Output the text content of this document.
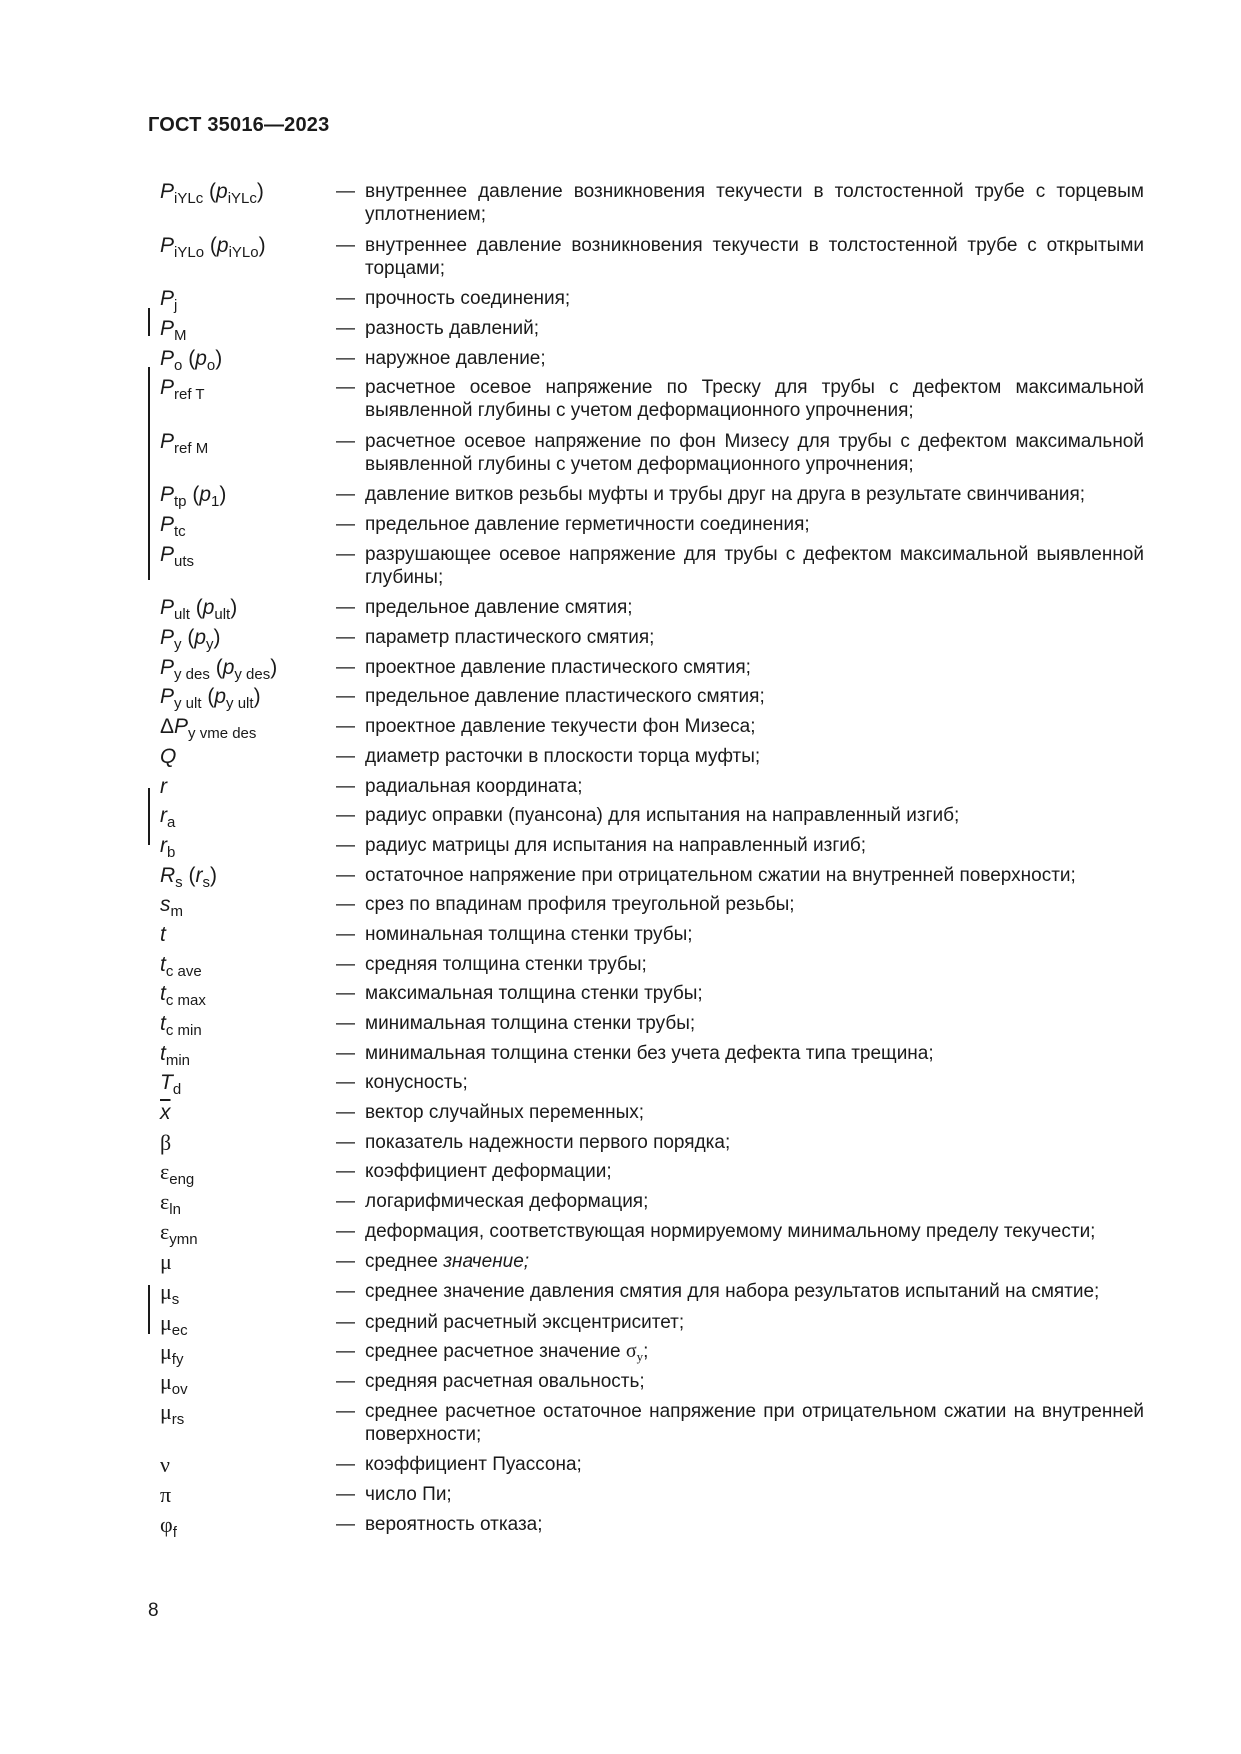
ГОСТ 35016—2023
$P_{iYLc}$ $(p_{iYLc})$	— внутреннее давление возникновения текучести в толстостенной трубе с торцевым уплотнением;
$P_{iYLo}$ $(p_{iYLo})$	— внутреннее давление возникновения текучести в толстостенной трубе с открытыми торцами;
$P_j$	— прочность соединения;
$P_M$	— разность давлений;
$P_o$ $(p_o)$	— наружное давление;
$P_{ref T}$	— расчетное осевое напряжение по Треску для трубы с дефектом максимальной выявленной глубины с учетом деформационного упрочнения;
$P_{ref M}$	— расчетное осевое напряжение по фон Мизесу для трубы с дефектом максимальной выявленной глубины с учетом деформационного упрочнения;
$P_{tp}$ $(p_1)$	— давление витков резьбы муфты и трубы друг на друга в результате свинчивания;
$P_{tc}$	— предельное давление герметичности соединения;
$P_{uts}$	— разрушающее осевое напряжение для трубы с дефектом максимальной выявленной глубины;
$P_{ult}$ $(p_{ult})$	— предельное давление смятия;
$P_y$ $(p_y)$	— параметр пластического смятия;
$P_{y des}$ $(p_{y des})$	— проектное давление пластического смятия;
$P_{y ult}$ $(p_{y ult})$	— предельное давление пластического смятия;
$\Delta P_{y vme des}$	— проектное давление текучести фон Мизеса;
Q	— диаметр расточки в плоскости торца муфты;
r	— радиальная координата;
$r_a$	— радиус оправки (пуансона) для испытания на направленный изгиб;
$r_b$	— радиус матрицы для испытания на направленный изгиб;
$R_s$ $(r_s)$	— остаточное напряжение при отрицательном сжатии на внутренней поверхности;
$s_m$	— срез по впадинам профиля треугольной резьбы;
t	— номинальная толщина стенки трубы;
$t_{c ave}$	— средняя толщина стенки трубы;
$t_{c max}$	— максимальная толщина стенки трубы;
$t_{c min}$	— минимальная толщина стенки трубы;
$t_{min}$	— минимальная толщина стенки без учета дефекта типа трещина;
$T_d$	— конусность;
$\overline{x}$	— вектор случайных переменных;
β	— показатель надежности первого порядка;
$\varepsilon_{eng}$	— коэффициент деформации;
$\varepsilon_{ln}$	— логарифмическая деформация;
$\varepsilon_{ymn}$	— деформация, соответствующая нормируемому минимальному пределу текучести;
μ	— среднее значение;
$\mu_s$	— среднее значение давления смятия для набора результатов испытаний на смятие;
$\mu_{ec}$	— средний расчетный эксцентриситет;
$\mu_{fy}$	— среднее расчетное значение $\sigma_y$;
$\mu_{ov}$	— средняя расчетная овальность;
$\mu_{rs}$	— среднее расчетное остаточное напряжение при отрицательном сжатии на внутренней поверхности;
ν	— коэффициент Пуассона;
π	— число Пи;
$\varphi_f$	— вероятность отказа;
8
